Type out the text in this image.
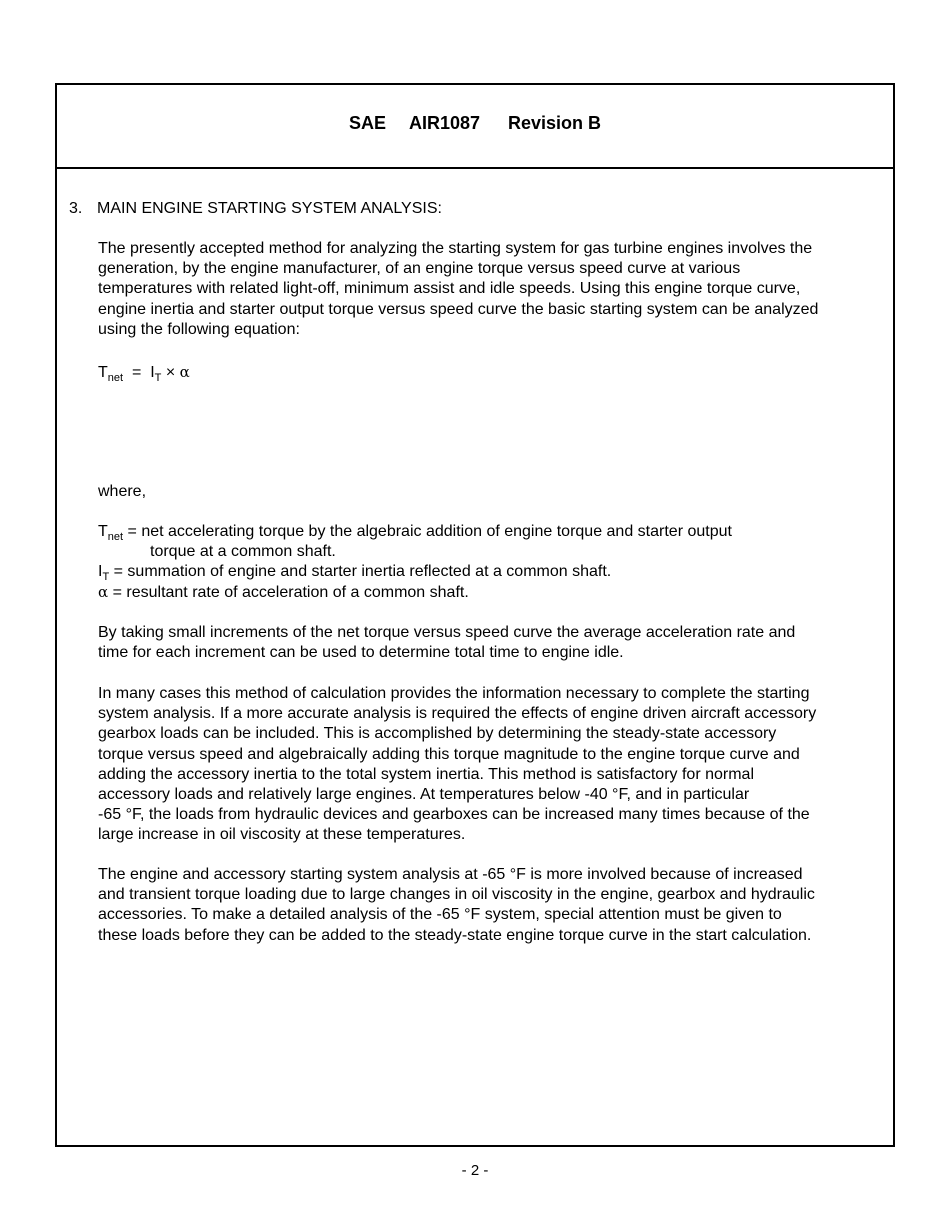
SAE AIR1087 Revision B
3. MAIN ENGINE STARTING SYSTEM ANALYSIS:

The presently accepted method for analyzing the starting system for gas turbine engines involves the
generation, by the engine manufacturer, of an engine torque versus speed curve at various
temperatures with related light-off, minimum assist and idle speeds. Using this engine torque curve,
engine inertia and starter output torque versus speed curve the basic starting system can be analyzed
using the following equation:

$T_{net} = I_T \times \alpha$
where,
$T_{net}$ = net accelerating torque by the algebraic addition of engine torque and starter output
torque at a common shaft.
$I_T$ = summation of engine and starter inertia reflected at a common shaft.
α = resultant rate of acceleration of a common shaft.

By taking small increments of the net torque versus speed curve the average acceleration rate and
time for each increment can be used to determine total time to engine idle.

In many cases this method of calculation provides the information necessary to complete the starting
system analysis. If a more accurate analysis is required the effects of engine driven aircraft accessory
gearbox loads can be included. This is accomplished by determining the steady-state accessory
torque versus speed and algebraically adding this torque magnitude to the engine torque curve and
adding the accessory inertia to the total system inertia. This method is satisfactory for normal
accessory loads and relatively large engines. At temperatures below -40 °F, and in particular
-65 °F, the loads from hydraulic devices and gearboxes can be increased many times because of the
large increase in oil viscosity at these temperatures.

The engine and accessory starting system analysis at -65 °F is more involved because of increased
and transient torque loading due to large changes in oil viscosity in the engine, gearbox and hydraulic
accessories. To make a detailed analysis of the -65 °F system, special attention must be given to
these loads before they can be added to the steady-state engine torque curve in the start calculation.

- 2 -
